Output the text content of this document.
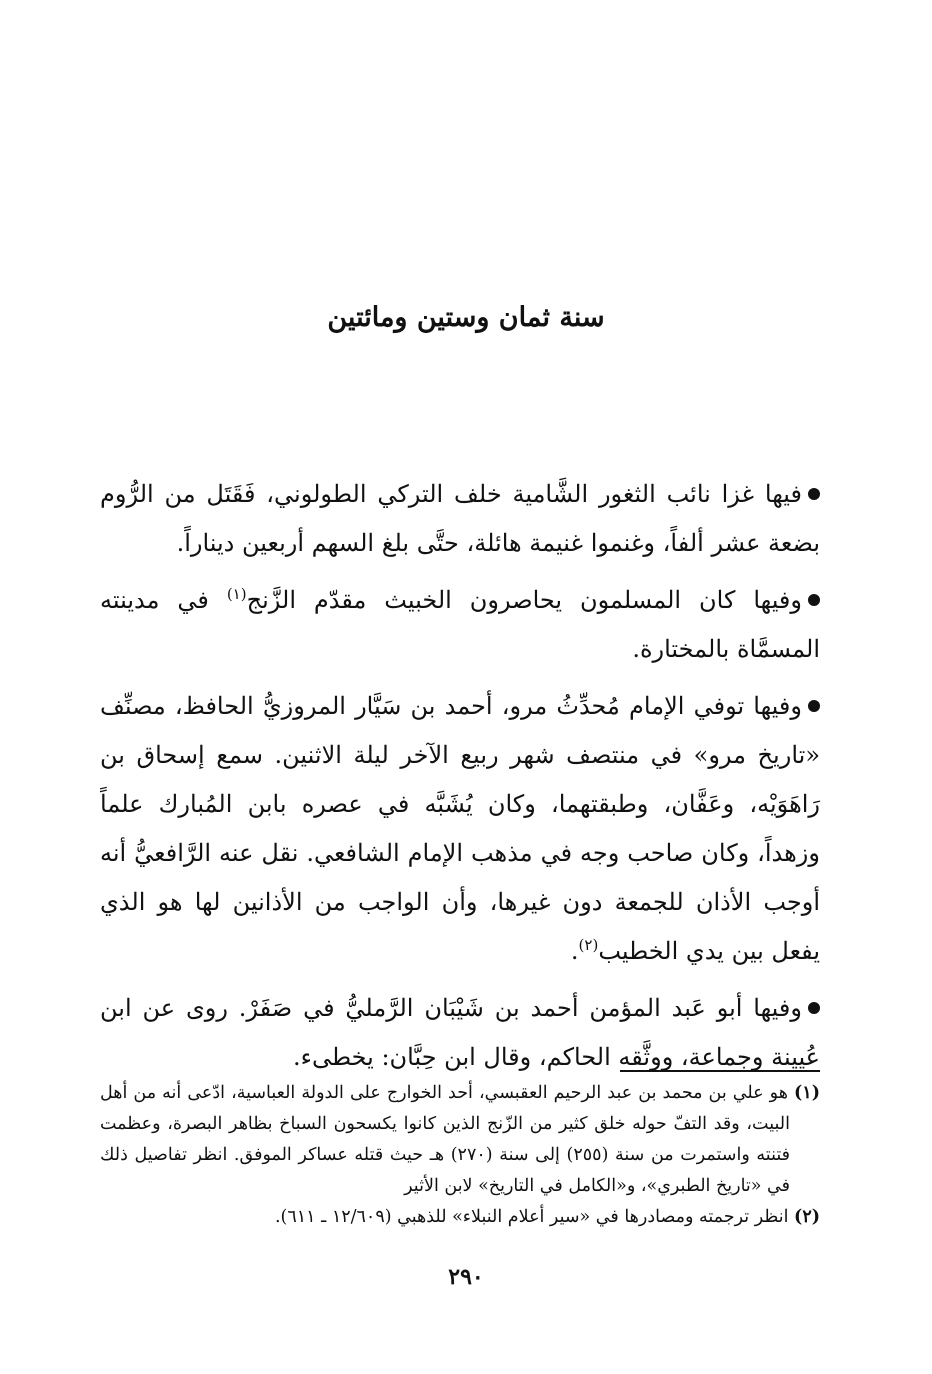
سنة ثمان وستين ومائتين

فيها غزا نائب الثغور الشَّامية خلف التركي الطولوني، فَقَتَل من الرُّوم بضعة عشر ألفاً، وغنموا غنيمة هائلة، حتَّى بلغ السهم أربعين ديناراً.

وفيها كان المسلمون يحاصرون الخبيث مقدّم الزَّنج$^{(١)}$ في مدينته المسمَّاة بالمختارة.

وفيها توفي الإمام مُحدِّثُ مرو، أحمد بن سَيَّار المروزيُّ الحافظ، مصنِّف «تاريخ مرو» في منتصف شهر ربيع الآخر ليلة الاثنين. سمع إسحاق بن رَاهَوَيْه، وعَفَّان، وطبقتهما، وكان يُشَبَّه في عصره بابن المُبارك علماً وزهداً، وكان صاحب وجه في مذهب الإمام الشافعي. نقل عنه الرَّافعيُّ أنه أوجب الأذان للجمعة دون غيرها، وأن الواجب من الأذانين لها هو الذي يفعل بين يدي الخطيب$^{(٢)}$.

وفيها أبو عَبد المؤمن أحمد بن شَيْبَان الرَّمليُّ في صَفَرْ. روى عن ابن عُيينة وجماعة، ووثَّقه الحاكم، وقال ابن حِبَّان: يخطىء.

(١) هو علي بن محمد بن عبد الرحيم العقبسي، أحد الخوارج على الدولة العباسية، ادّعى أنه من أهل البيت، وقد التفّ حوله خلق كثير من الزّنج الذين كانوا يكسحون السباخ بظاهر البصرة، وعظمت فتنته واستمرت من سنة (٢٥٥) إلى سنة (٢٧٠) هـ حيث قتله عساكر الموفق. انظر تفاصيل ذلك في «تاريخ الطبري»، و«الكامل في التاريخ» لابن الأثير

(٢) انظر ترجمته ومصادرها في «سير أعلام النبلاء» للذهبي (١٢/٦٠٩ ـ ٦١١).

٢٩٠
